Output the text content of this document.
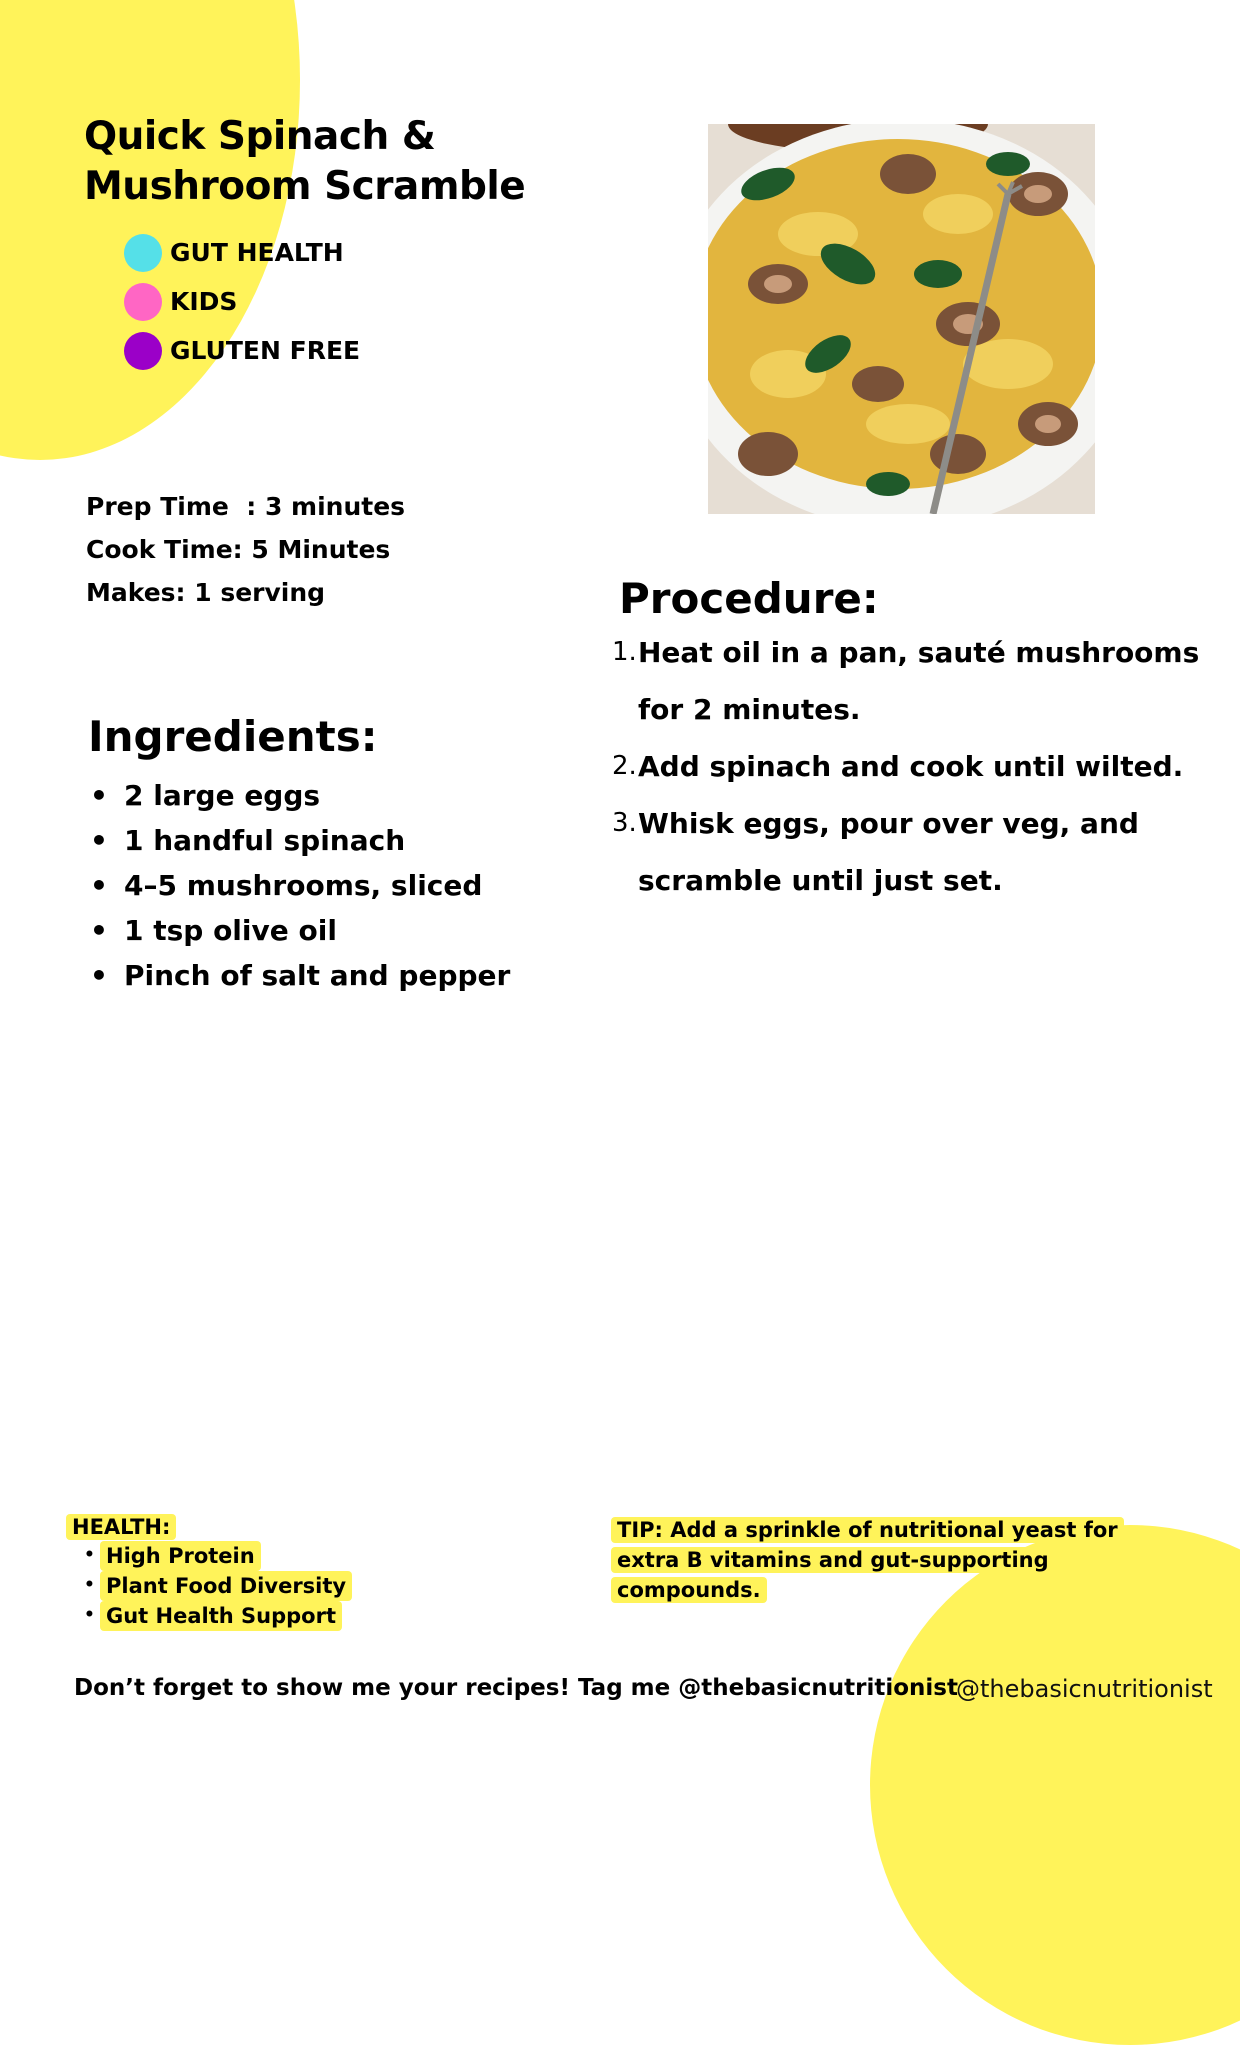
Quick Spinach &
Mushroom Scramble
GUT HEALTH
KIDS
GLUTEN FREE
Prep Time  : 3 minutes
Cook Time: 5 Minutes
Makes: 1 serving
Ingredients:
• 2 large eggs
• 1 handful spinach
• 4–5 mushrooms, sliced
• 1 tsp olive oil
• Pinch of salt and pepper
Procedure:
1. Heat oil in a pan, sauté mushrooms for 2 minutes.
2. Add spinach and cook until wilted.
3. Whisk eggs, pour over veg, and scramble until just set.
HEALTH:
• High Protein
• Plant Food Diversity
• Gut Health Support
TIP: Add a sprinkle of nutritional yeast for extra B vitamins and gut-supporting compounds.
Don’t forget to show me your recipes! Tag me @thebasicnutritionist
@thebasicnutritionist
